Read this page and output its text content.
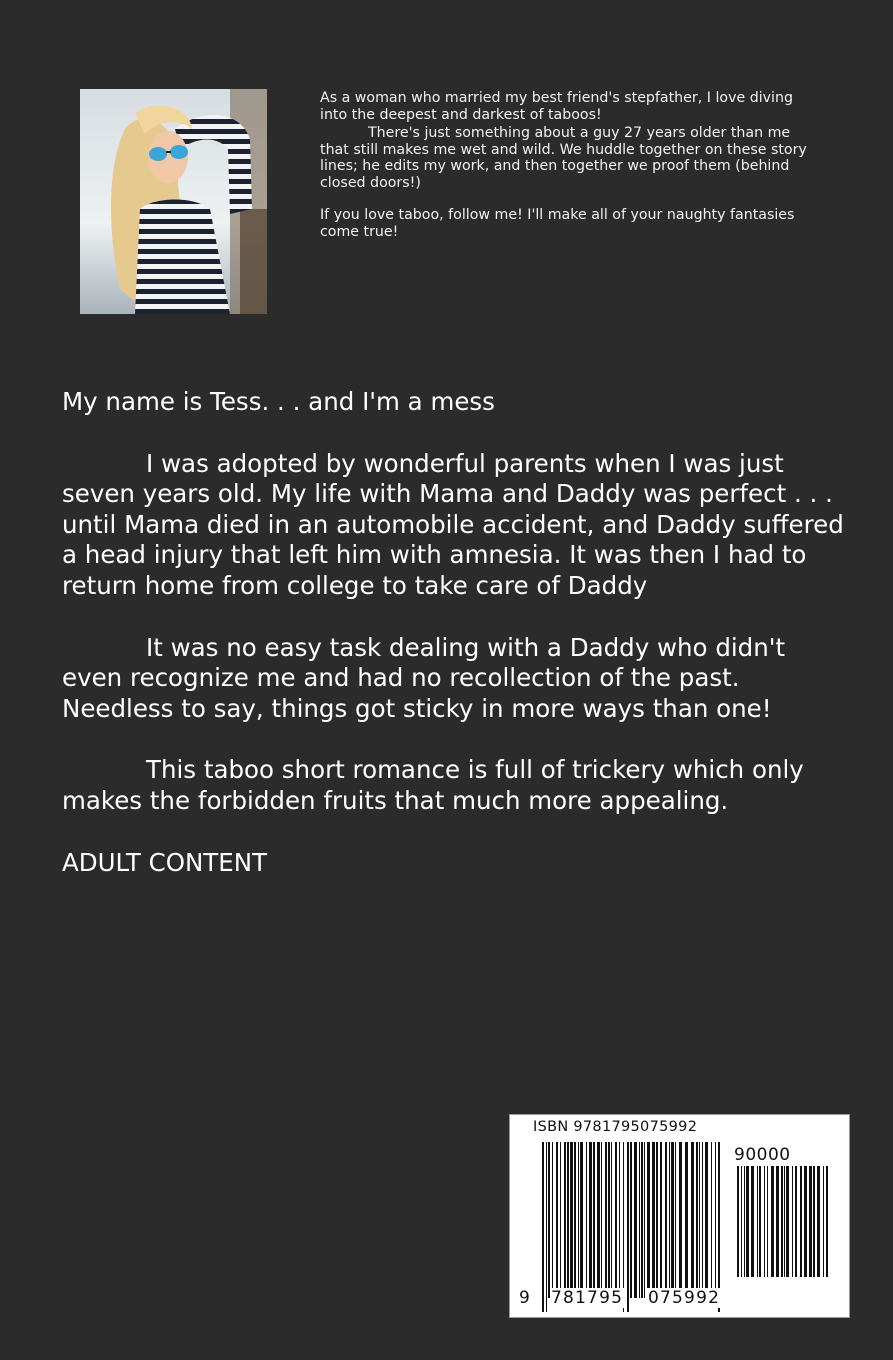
As a woman who married my best friend's stepfather, I love diving into the deepest and darkest of taboos!

There's just something about a guy 27 years older than me that still makes me wet and wild. We huddle together on these story lines; he edits my work, and then together we proof them (behind closed doors!)

If you love taboo, follow me! I'll make all of your naughty fantasies come true!

My name is Tess. . . and I'm a mess

I was adopted by wonderful parents when I was just seven years old. My life with Mama and Daddy was perfect . . . until Mama died in an automobile accident, and Daddy suffered a head injury that left him with amnesia. It was then I had to return home from college to take care of Daddy

It was no easy task dealing with a Daddy who didn't even recognize me and had no recollection of the past. Needless to say, things got sticky in more ways than one!

This taboo short romance is full of trickery which only makes the forbidden fruits that much more appealing.

ADULT CONTENT

ISBN 9781795075992
90000
9 781795 075992
